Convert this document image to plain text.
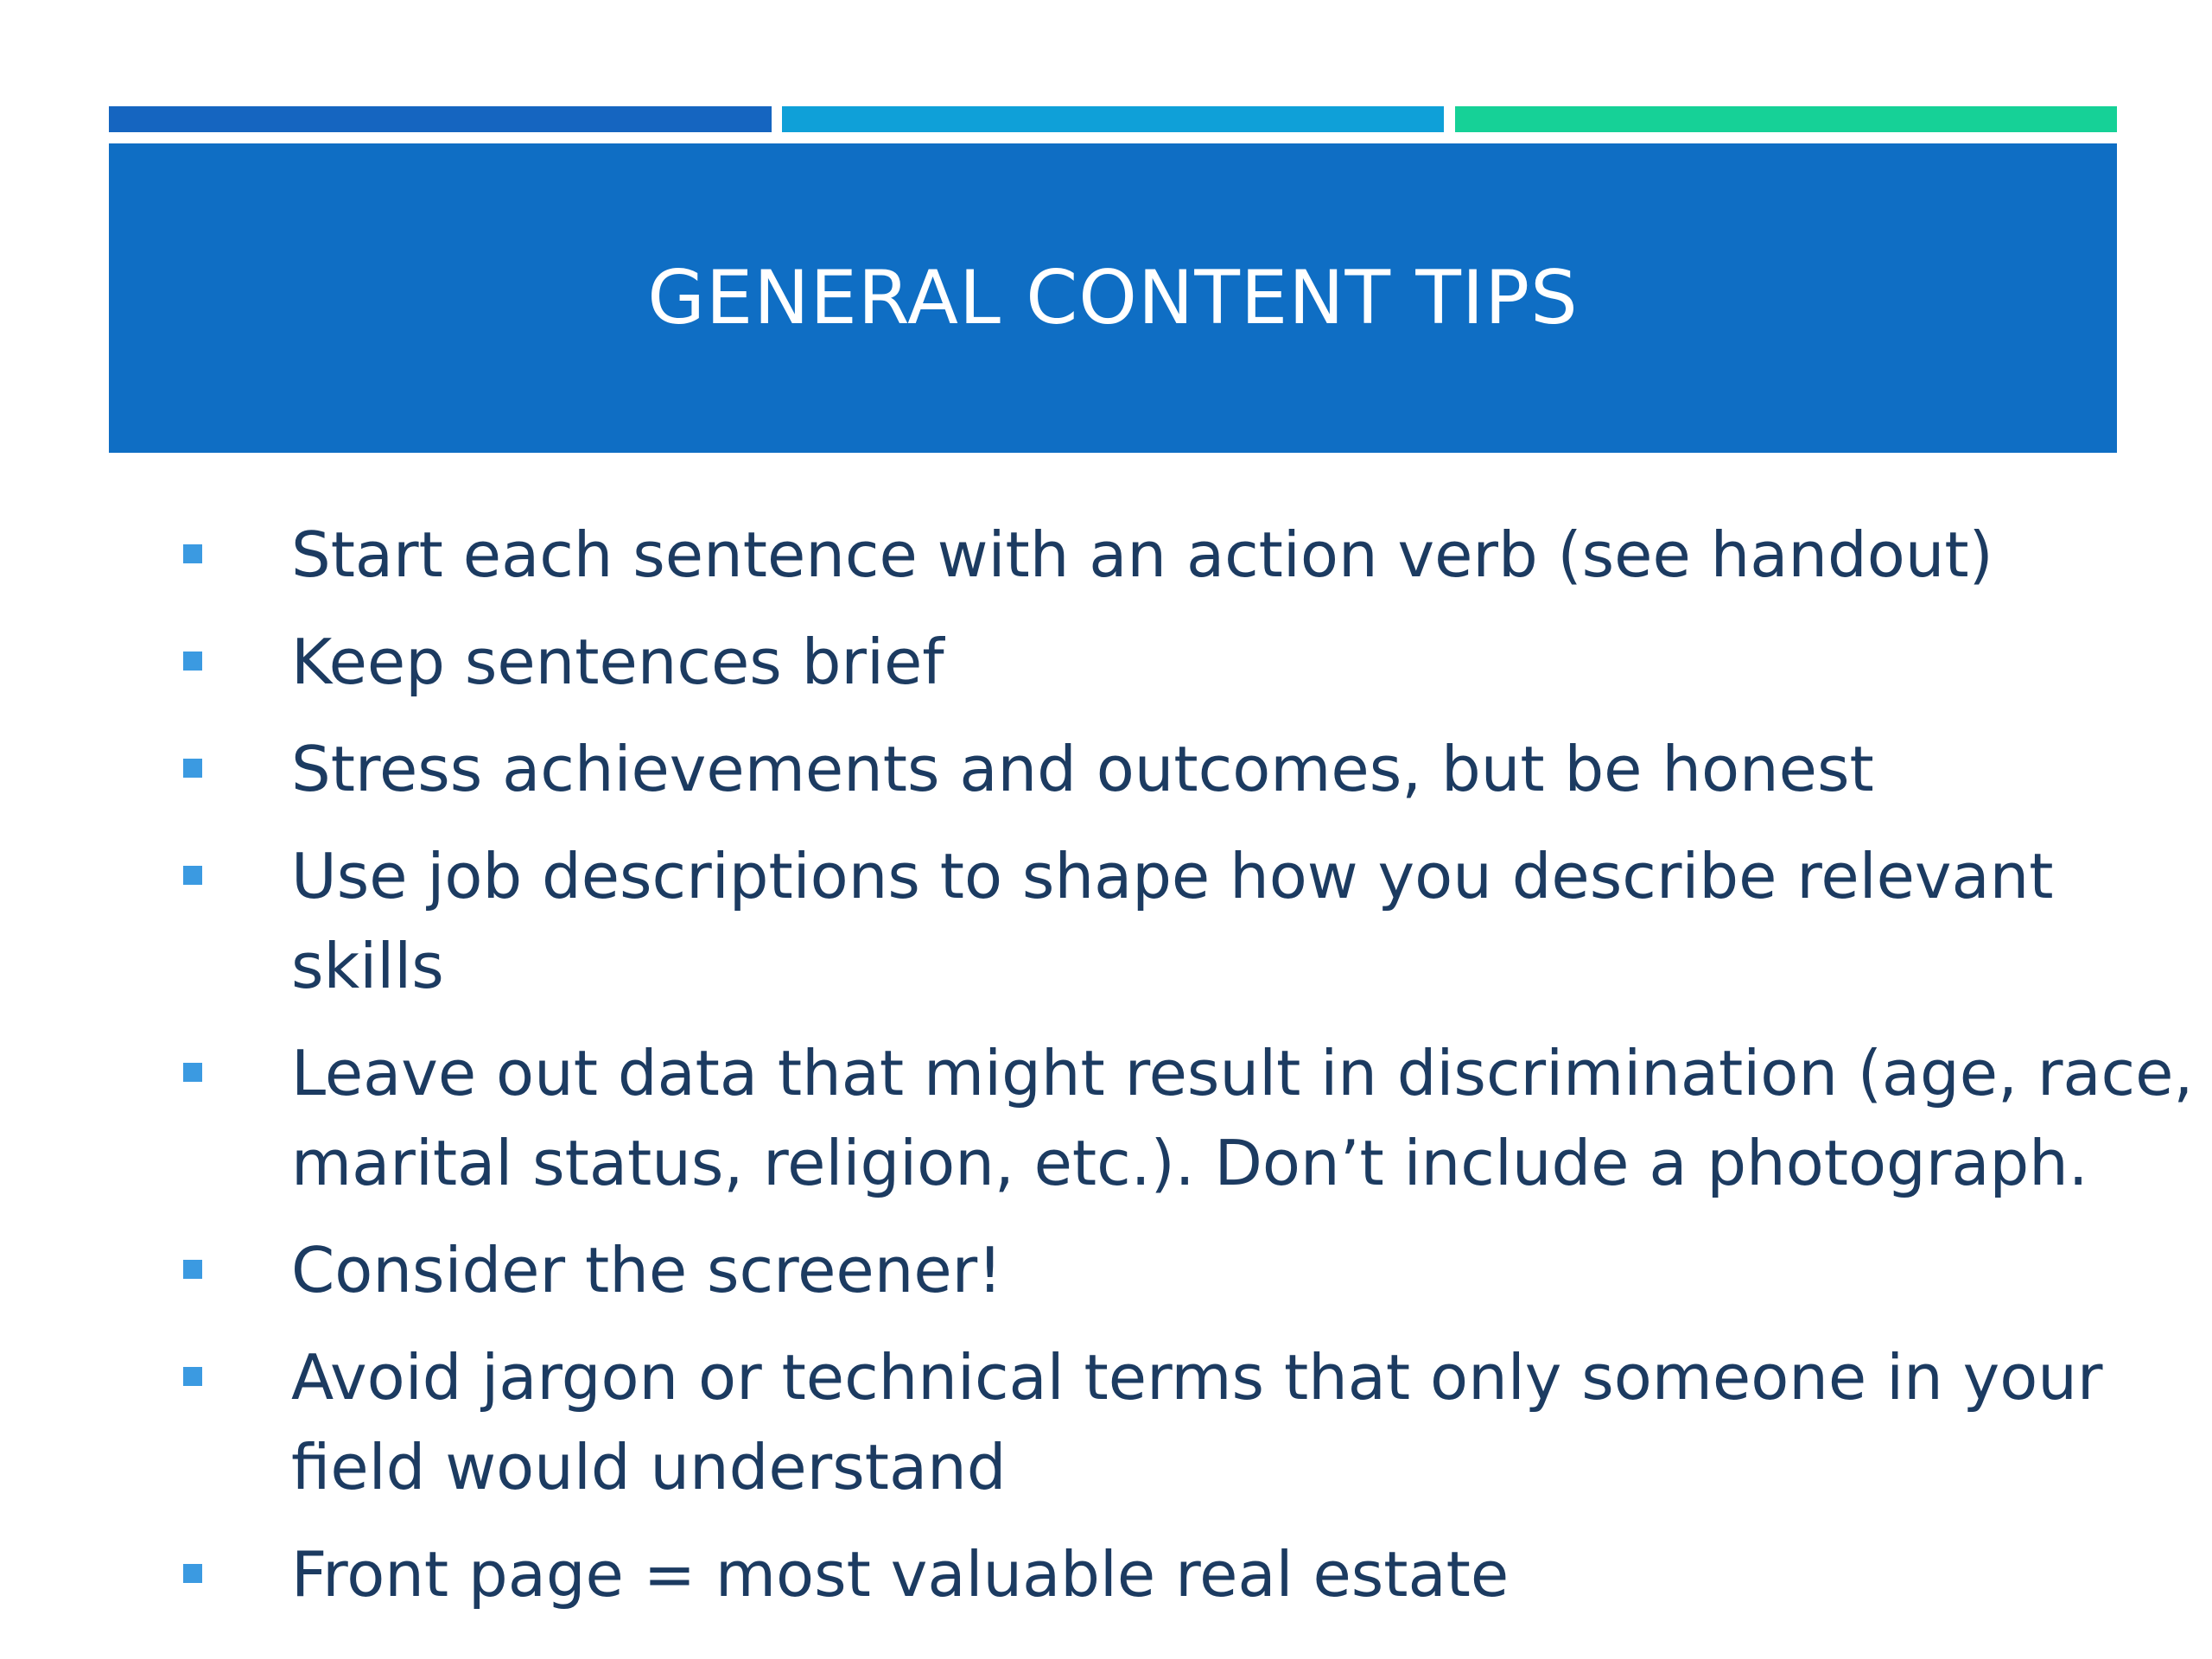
GENERAL CONTENT TIPS
Start each sentence with an action verb (see handout)
Keep sentences brief
Stress achievements and outcomes, but be honest
Use job descriptions to shape how you describe relevant skills
Leave out data that might result in discrimination (age, race,
marital status, religion, etc.). Don’t include a photograph.
Consider the screener!
Avoid jargon or technical terms that only someone in your
field would understand
Front page = most valuable real estate
